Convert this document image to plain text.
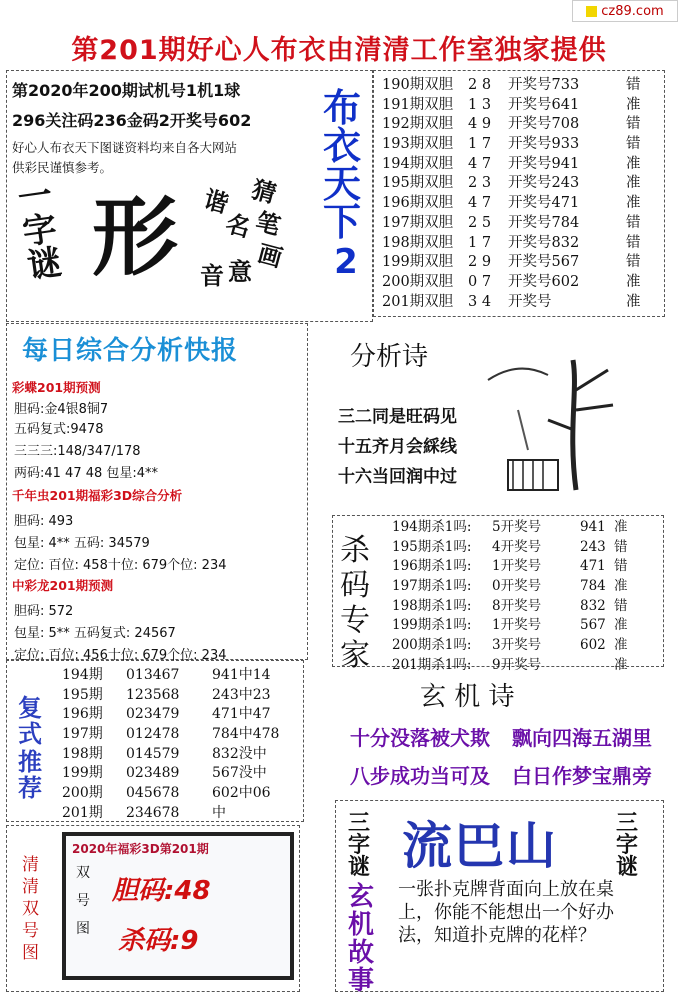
cz89.com
第201期好心人布衣由清清工作室独家提供
第2020年200期试机号1机1球
296关注码236金码2开奖号602
好心人布衣天下图谜资料均来自各大网站
供彩民谨慎参考。
一字谜 形	猜
笔
画
谐
名
音 意
布
衣
天
下
2
190期双胆	2 8	开奖号733	错
191期双胆	1 3	开奖号641	准
192期双胆	4 9	开奖号708	错
193期双胆	1 7	开奖号933	错
194期双胆	4 7	开奖号941	准
195期双胆	2 3	开奖号243	准
196期双胆	4 7	开奖号471	准
197期双胆	2 5	开奖号784	错
198期双胆	1 7	开奖号832	错
199期双胆	2 9	开奖号567	错
200期双胆	0 7	开奖号602	准
201期双胆	3 4	开奖号	准
每日综合分析快报
彩蝶201期预测
胆码:金4银8铜7
五码复式:9478
三三三:148/347/178
两码:41 47 48 包星:4**
千年虫201期福彩3D综合分析
胆码: 493
包星: 4** 五码: 34579
定位: 百位: 458十位: 679个位: 234
中彩龙201期预测
胆码: 572
包星: 5** 五码复式: 24567
定位: 百位: 456十位: 679个位: 234
分析诗
三二同是旺码见
十五齐月会綵线
十六当回润中过
杀
码
专
家
194期杀1吗:	5开奖号	941 准
195期杀1吗:	4开奖号	243 错
196期杀1吗:	1开奖号	471 错
197期杀1吗:	0开奖号	784 准
198期杀1吗:	8开奖号	832 错
199期杀1吗:	1开奖号	567 准
200期杀1吗:	3开奖号	602 准
201期杀1吗:	9开奖号	准
复
式
推
荐
194期	013467	941中14
195期	123568	243中23
196期	023479	471中47
197期	012478	784中478
198期	014579	832没中
199期	023489	567没中
200期	045678	602中06
201期	234678	中
玄 机 诗
十分没落被犬欺 飘向四海五湖里
八步成功当可及 白日作梦宝鼎旁
清
清
双
号
图
2020年福彩3D第201期
双
号
图
胆码:48
杀码:9
三
字
谜 流巴山	三
字
谜
玄
机
故
事
一张扑克牌背面向上放在桌上，你能不能想出一个好办法，知道扑克牌的花样？
